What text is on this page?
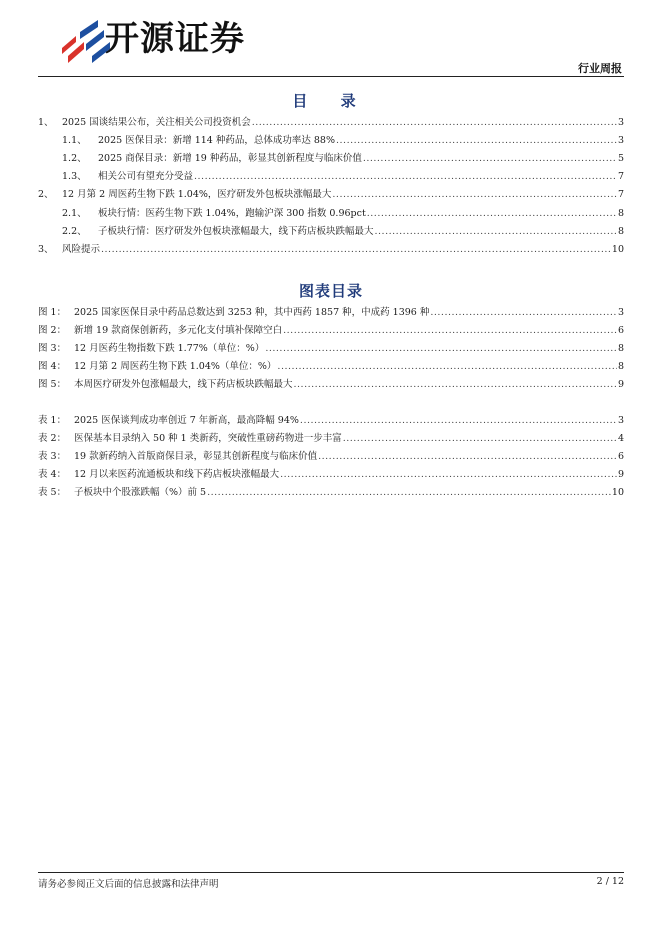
开源证券
行业周报
目 录
1、 2025 国谈结果公布，关注相关公司投资机会 .....	3
1.1、	2025 医保目录：新增 114 种药品，总体成功率达 88% .....	3
1.2、	2025 商保目录：新增 19 种药品，彰显其创新程度与临床价值 .....	5
1.3、	相关公司有望充分受益 .....	7
2、 12 月第 2 周医药生物下跌 1.04%，医疗研发外包板块涨幅最大 .....	7
2.1、	板块行情：医药生物下跌 1.04%，跑输沪深 300 指数 0.96pct .....	8
2.2、	子板块行情：医疗研发外包板块涨幅最大，线下药店板块跌幅最大 .....	8
3、 风险提示 .....	10
图表目录
图 1： 2025 国家医保目录中药品总数达到 3253 种，其中西药 1857 种，中成药 1396 种 .....	3
图 2： 新增 19 款商保创新药，多元化支付填补保障空白 .....	6
图 3： 12 月医药生物指数下跌 1.77%（单位：%） .....	8
图 4： 12 月第 2 周医药生物下跌 1.04%（单位：%） .....	8
图 5： 本周医疗研发外包涨幅最大，线下药店板块跌幅最大 .....	9
表 1： 2025 医保谈判成功率创近 7 年新高，最高降幅 94% .....	3
表 2： 医保基本目录纳入 50 种 1 类新药，突破性重磅药物进一步丰富 .....	4
表 3： 19 款新药纳入首版商保目录，彰显其创新程度与临床价值 .....	6
表 4： 12 月以来医药流通板块和线下药店板块涨幅最大 .....	9
表 5： 子板块中个股涨跌幅（%）前 5 .....	10
请务必参阅正文后面的信息披露和法律声明	2 / 12
